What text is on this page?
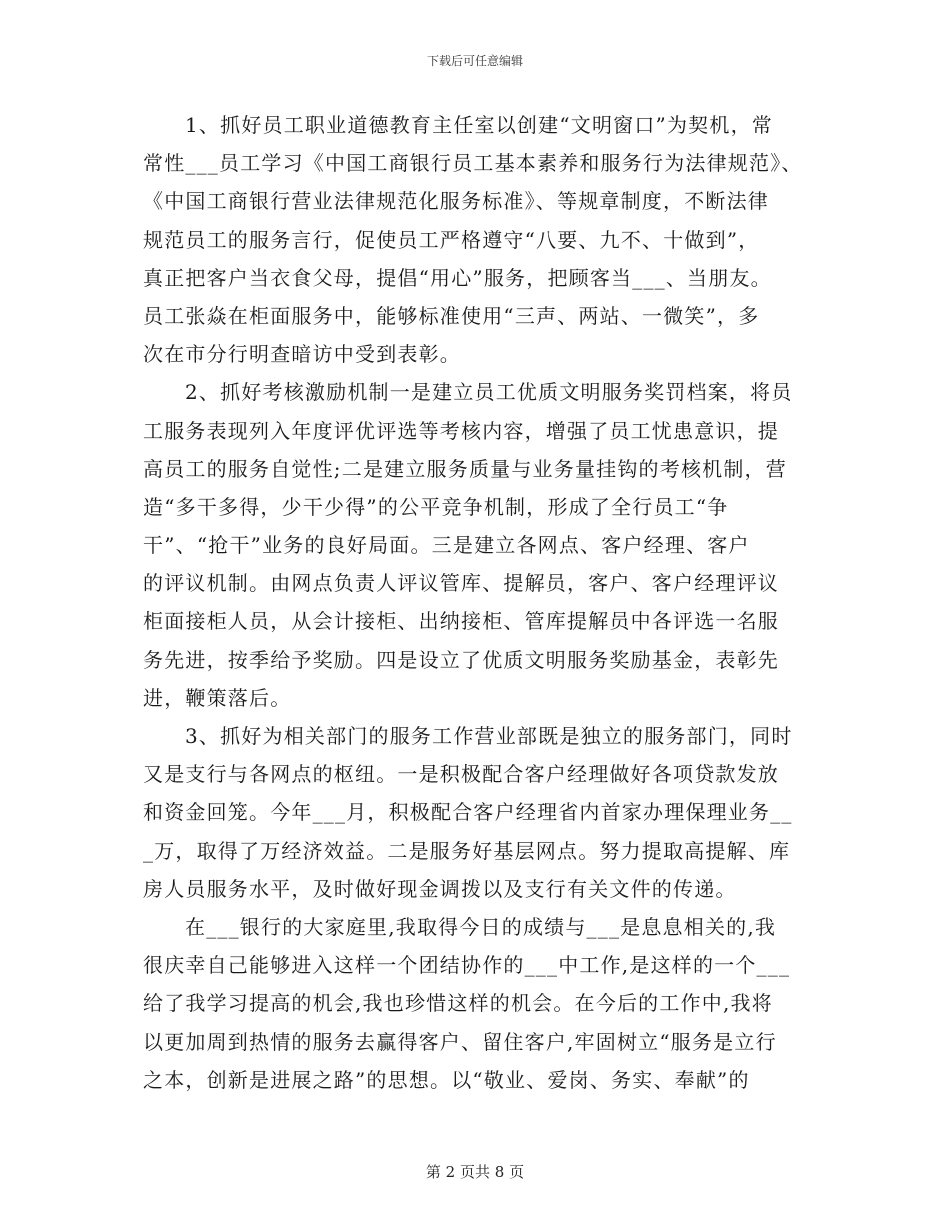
下载后可任意编辑
1、抓好员工职业道德教育主任室以创建“文明窗口”为契机，常
常性___员工学习《中国工商银行员工基本素养和服务行为法律规范》、
《中国工商银行营业法律规范化服务标准》、等规章制度，不断法律
规范员工的服务言行，促使员工严格遵守“八要、九不、十做到”，
真正把客户当衣食父母，提倡“用心”服务，把顾客当___、当朋友。
员工张焱在柜面服务中，能够标准使用“三声、两站、一微笑”，多
次在市分行明查暗访中受到表彰。
2、抓好考核激励机制一是建立员工优质文明服务奖罚档案，将员
工服务表现列入年度评优评选等考核内容，增强了员工忧患意识，提
高员工的服务自觉性;二是建立服务质量与业务量挂钩的考核机制，营
造“多干多得，少干少得”的公平竞争机制，形成了全行员工“争
干”、“抢干”业务的良好局面。三是建立各网点、客户经理、客户
的评议机制。由网点负责人评议管库、提解员，客户、客户经理评议
柜面接柜人员，从会计接柜、出纳接柜、管库提解员中各评选一名服
务先进，按季给予奖励。四是设立了优质文明服务奖励基金，表彰先
进，鞭策落后。
3、抓好为相关部门的服务工作营业部既是独立的服务部门，同时
又是支行与各网点的枢纽。一是积极配合客户经理做好各项贷款发放
和资金回笼。今年___月，积极配合客户经理省内首家办理保理业务__
_万，取得了万经济效益。二是服务好基层网点。努力提取高提解、库
房人员服务水平，及时做好现金调拨以及支行有关文件的传递。
在___银行的大家庭里,我取得今日的成绩与___是息息相关的,我
很庆幸自己能够进入这样一个团结协作的___中工作,是这样的一个___
给了我学习提高的机会,我也珍惜这样的机会。在今后的工作中,我将
以更加周到热情的服务去赢得客户、留住客户,牢固树立“服务是立行
之本，创新是进展之路”的思想。以“敬业、爱岗、务实、奉献”的
第 2 页共 8 页
